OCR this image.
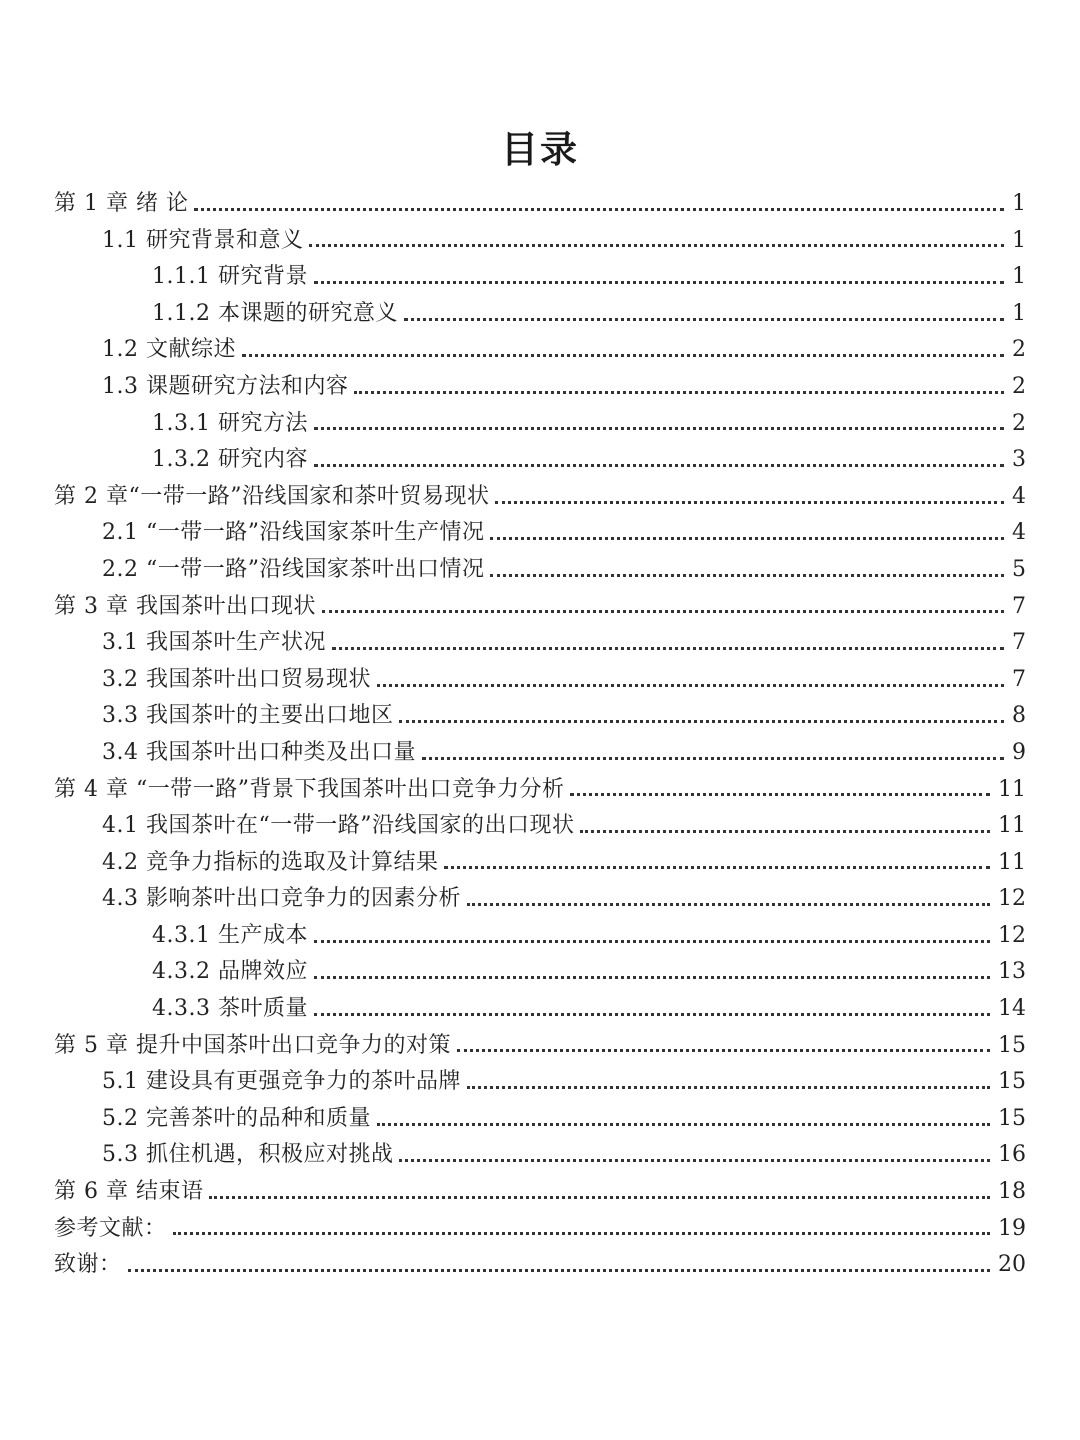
目录
第 1 章 绪 论	1
1.1 研究背景和意义	1
1.1.1 研究背景	1
1.1.2 本课题的研究意义	1
1.2 文献综述	2
1.3 课题研究方法和内容	2
1.3.1 研究方法	2
1.3.2 研究内容	3
第 2 章“一带一路”沿线国家和茶叶贸易现状	4
2.1 “一带一路”沿线国家茶叶生产情况	4
2.2 “一带一路”沿线国家茶叶出口情况	5
第 3 章 我国茶叶出口现状	7
3.1 我国茶叶生产状况	7
3.2 我国茶叶出口贸易现状	7
3.3 我国茶叶的主要出口地区	8
3.4 我国茶叶出口种类及出口量	9
第 4 章 “一带一路”背景下我国茶叶出口竞争力分析	11
4.1 我国茶叶在“一带一路”沿线国家的出口现状	11
4.2 竞争力指标的选取及计算结果	11
4.3 影响茶叶出口竞争力的因素分析	12
4.3.1 生产成本	12
4.3.2 品牌效应	13
4.3.3 茶叶质量	14
第 5 章 提升中国茶叶出口竞争力的对策	15
5.1 建设具有更强竞争力的茶叶品牌	15
5.2 完善茶叶的品种和质量	15
5.3 抓住机遇，积极应对挑战	16
第 6 章 结束语	18
参考文献：	19
致谢：	20
